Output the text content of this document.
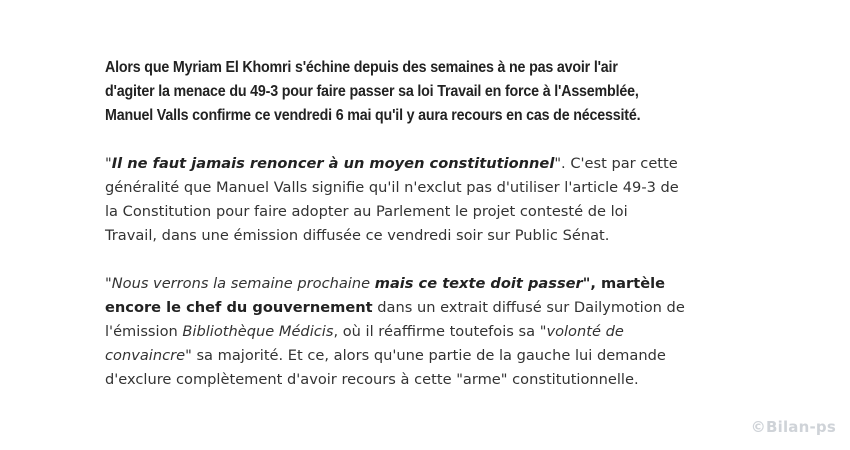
Alors que Myriam El Khomri s'échine depuis des semaines à ne pas avoir l'air
d'agiter la menace du 49-3 pour faire passer sa loi Travail en force à l'Assemblée,
Manuel Valls confirme ce vendredi 6 mai qu'il y aura recours en cas de nécessité.

"Il ne faut jamais renoncer à un moyen constitutionnel". C'est par cette
généralité que Manuel Valls signifie qu'il n'exclut pas d'utiliser l'article 49-3 de
la Constitution pour faire adopter au Parlement le projet contesté de loi
Travail, dans une émission diffusée ce vendredi soir sur Public Sénat.

"Nous verrons la semaine prochaine mais ce texte doit passer", martèle
encore le chef du gouvernement dans un extrait diffusé sur Dailymotion de
l'émission Bibliothèque Médicis, où il réaffirme toutefois sa "volonté de
convaincre" sa majorité. Et ce, alors qu'une partie de la gauche lui demande
d'exclure complètement d'avoir recours à cette "arme" constitutionnelle.

©Bilan-ps
